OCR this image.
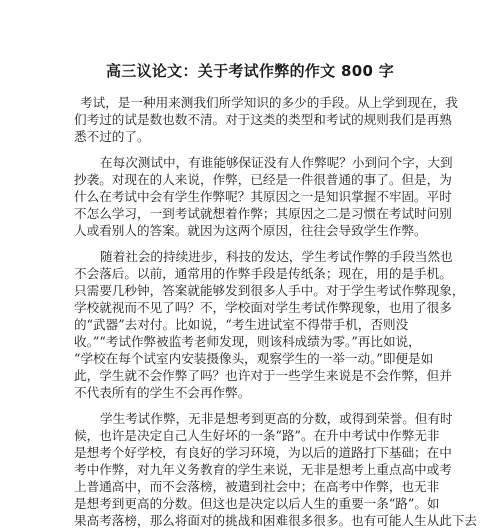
高三议论文：关于考试作弊的作文 800 字
考试，是一种用来测我们所学知识的多少的手段。从上学到现在，我
们考过的试是数也数不清。对于这类的类型和考试的规则我们是再熟
悉不过的了。
在每次测试中，有谁能够保证没有人作弊呢？小到问个字，大到
抄袭。对现在的人来说，作弊，已经是一件很普通的事了。但是，为
什么在考试中会有学生作弊呢？其原因之一是知识掌握不牢固。平时
不怎么学习，一到考试就想着作弊；其原因之二是习惯在考试时问别
人或看别人的答案。就因为这两个原因，往往会导致学生作弊。
随着社会的持续进步，科技的发达，学生考试作弊的手段当然也
不会落后。以前，通常用的作弊手段是传纸条；现在，用的是手机。
只需要几秒钟，答案就能够发到很多人手中。对于学生考试作弊现象，
学校就视而不见了吗？不，学校面对学生考试作弊现象，也用了很多
的“武器”去对付。比如说，“考生进试室不得带手机，否则没
收。”“考试作弊被监考老师发现，则该科成绩为零。”再比如说，
“学校在每个试室内安装摄像头，观察学生的一举一动。”即便是如
此，学生就不会作弊了吗？也许对于一些学生来说是不会作弊，但并
不代表所有的学生不会再作弊。
学生考试作弊，无非是想考到更高的分数，或得到荣誉。但有时
候，也许是决定自己人生好坏的一条“路”。在升中考试中作弊无非
是想考个好学校，有良好的学习环境，为以后的道路打下基础；在中
考中作弊，对九年义务教育的学生来说，无非是想考上重点高中或考
上普通高中，而不会落榜，被遣到社会中；在高考中作弊，也无非
是想考到更高的分数。但这也是决定以后人生的重要一条“路”。如
果高考落榜，那么将面对的挑战和困难很多很多。也有可能人生从此下去
